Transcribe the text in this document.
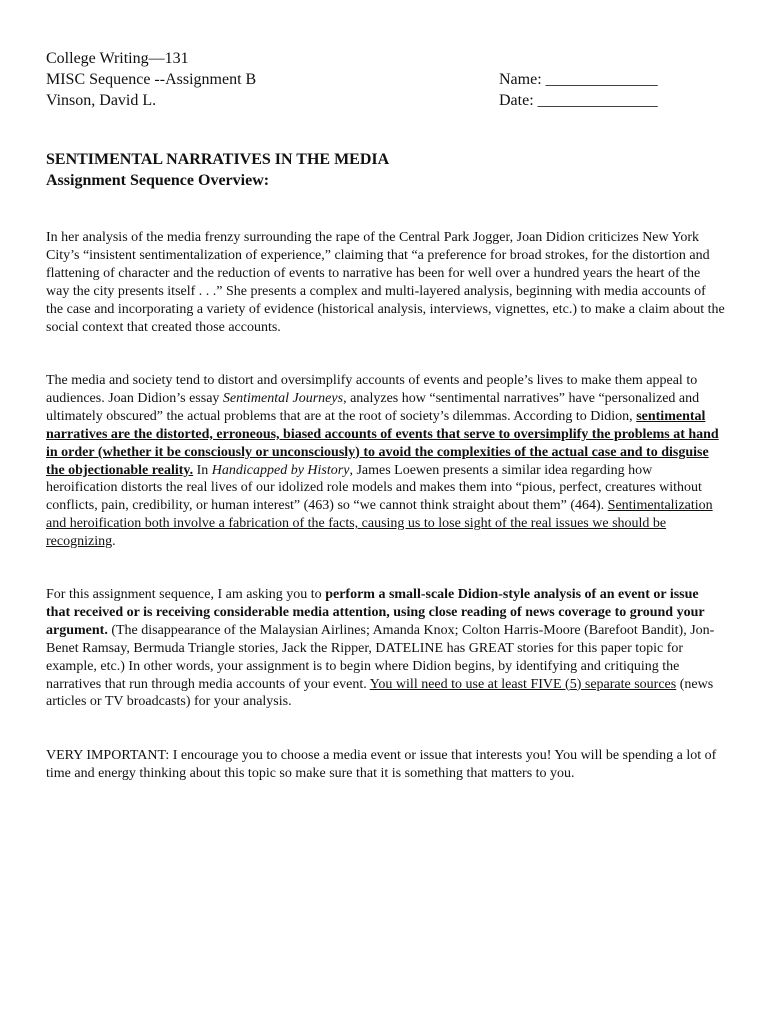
College Writing—131
MISC Sequence --Assignment B
Vinson, David L.
Name: ______________
Date: _______________
SENTIMENTAL NARRATIVES IN THE MEDIA
Assignment Sequence Overview:

In her analysis of the media frenzy surrounding the rape of the Central Park Jogger, Joan Didion criticizes New York City’s “insistent sentimentalization of experience,” claiming that “a preference for broad strokes, for the distortion and flattening of character and the reduction of events to narrative has been for well over a hundred years the heart of the way the city presents itself . . .” She presents a complex and multi-layered analysis, beginning with media accounts of the case and incorporating a variety of evidence (historical analysis, interviews, vignettes, etc.) to make a claim about the social context that created those accounts.

The media and society tend to distort and oversimplify accounts of events and people’s lives to make them appeal to audiences. Joan Didion’s essay Sentimental Journeys, analyzes how “sentimental narratives” have “personalized and ultimately obscured” the actual problems that are at the root of society’s dilemmas. According to Didion, sentimental narratives are the distorted, erroneous, biased accounts of events that serve to oversimplify the problems at hand in order (whether it be consciously or unconsciously) to avoid the complexities of the actual case and to disguise the objectionable reality. In Handicapped by History, James Loewen presents a similar idea regarding how heroification distorts the real lives of our idolized role models and makes them into “pious, perfect, creatures without conflicts, pain, credibility, or human interest” (463) so “we cannot think straight about them” (464). Sentimentalization and heroification both involve a fabrication of the facts, causing us to lose sight of the real issues we should be recognizing.

For this assignment sequence, I am asking you to perform a small-scale Didion-style analysis of an event or issue that received or is receiving considerable media attention, using close reading of news coverage to ground your argument. (The disappearance of the Malaysian Airlines; Amanda Knox; Colton Harris-Moore (Barefoot Bandit), Jon-Benet Ramsay, Bermuda Triangle stories, Jack the Ripper, DATELINE has GREAT stories for this paper topic for example, etc.) In other words, your assignment is to begin where Didion begins, by identifying and critiquing the narratives that run through media accounts of your event. You will need to use at least FIVE (5) separate sources (news articles or TV broadcasts) for your analysis.

VERY IMPORTANT: I encourage you to choose a media event or issue that interests you! You will be spending a lot of time and energy thinking about this topic so make sure that it is something that matters to you.
